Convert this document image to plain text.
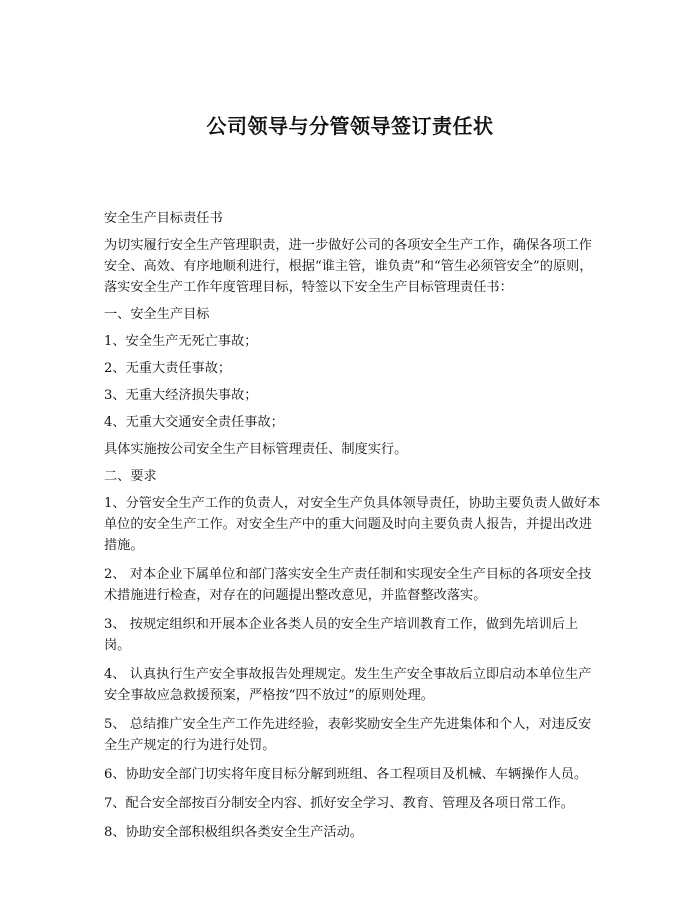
公司领导与分管领导签订责任状

安全生产目标责任书

为切实履行安全生产管理职责，进一步做好公司的各项安全生产工作，确保各项工作安全、高效、有序地顺利进行，根据“谁主管，谁负责”和“管生必须管安全”的原则，落实安全生产工作年度管理目标，特签以下安全生产目标管理责任书：

一、安全生产目标

1、安全生产无死亡事故；

2、无重大责任事故；

3、无重大经济损失事故；

4、无重大交通安全责任事故；

具体实施按公司安全生产目标管理责任、制度实行。

二、要求

1、分管安全生产工作的负责人，对安全生产负具体领导责任，协助主要负责人做好本单位的安全生产工作。对安全生产中的重大问题及时向主要负责人报告，并提出改进措施。

2、 对本企业下属单位和部门落实安全生产责任制和实现安全生产目标的各项安全技术措施进行检查，对存在的问题提出整改意见，并监督整改落实。

3、 按规定组织和开展本企业各类人员的安全生产培训教育工作，做到先培训后上岗。

4、 认真执行生产安全事故报告处理规定。发生生产安全事故后立即启动本单位生产安全事故应急救援预案，严格按“四不放过”的原则处理。

5、 总结推广安全生产工作先进经验，表彰奖励安全生产先进集体和个人，对违反安全生产规定的行为进行处罚。

6、协助安全部门切实将年度目标分解到班组、各工程项目及机械、车辆操作人员。

7、配合安全部按百分制安全内容、抓好安全学习、教育、管理及各项日常工作。

8、协助安全部积极组织各类安全生产活动。
